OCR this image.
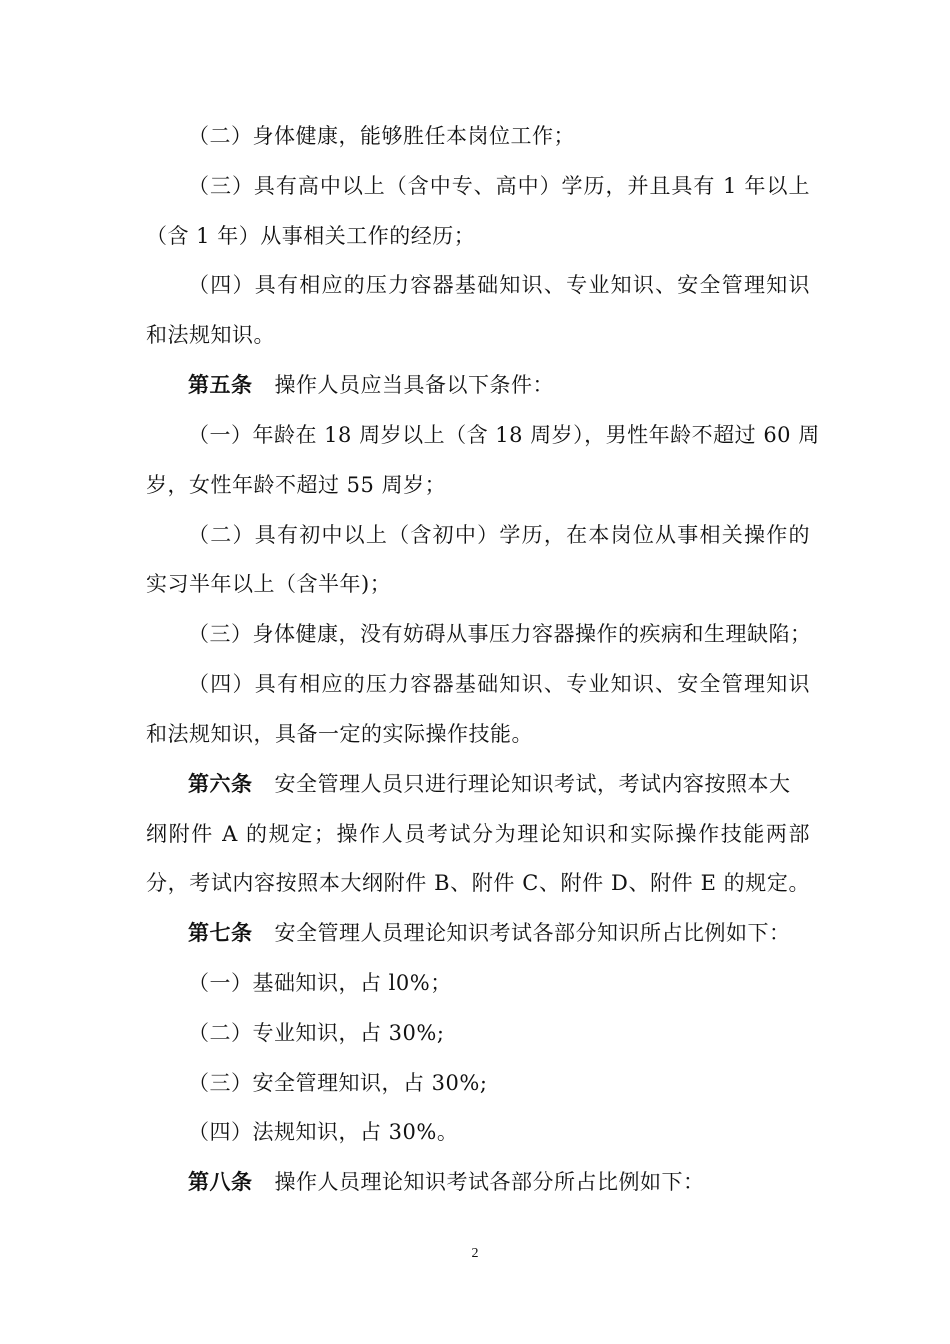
（二）身体健康，能够胜任本岗位工作；
（三）具有高中以上（含中专、高中）学历，并且具有 1 年以上
（含 1 年）从事相关工作的经历；
（四）具有相应的压力容器基础知识、专业知识、安全管理知识
和法规知识。
第五条 操作人员应当具备以下条件：
（一）年龄在 18 周岁以上（含 18 周岁），男性年龄不超过 60 周
岁，女性年龄不超过 55 周岁；
（二）具有初中以上（含初中）学历，在本岗位从事相关操作的
实习半年以上（含半年)；
（三）身体健康，没有妨碍从事压力容器操作的疾病和生理缺陷；
（四）具有相应的压力容器基础知识、专业知识、安全管理知识
和法规知识，具备一定的实际操作技能。
第六条 安全管理人员只进行理论知识考试，考试内容按照本大
纲附件 A 的规定；操作人员考试分为理论知识和实际操作技能两部
分，考试内容按照本大纲附件 B、附件 C、附件 D、附件 E 的规定。
第七条 安全管理人员理论知识考试各部分知识所占比例如下：
（一）基础知识，占 l0%；
（二）专业知识，占 30%;
（三）安全管理知识，占 30%;
（四）法规知识，占 30%。
第八条 操作人员理论知识考试各部分所占比例如下：
2
